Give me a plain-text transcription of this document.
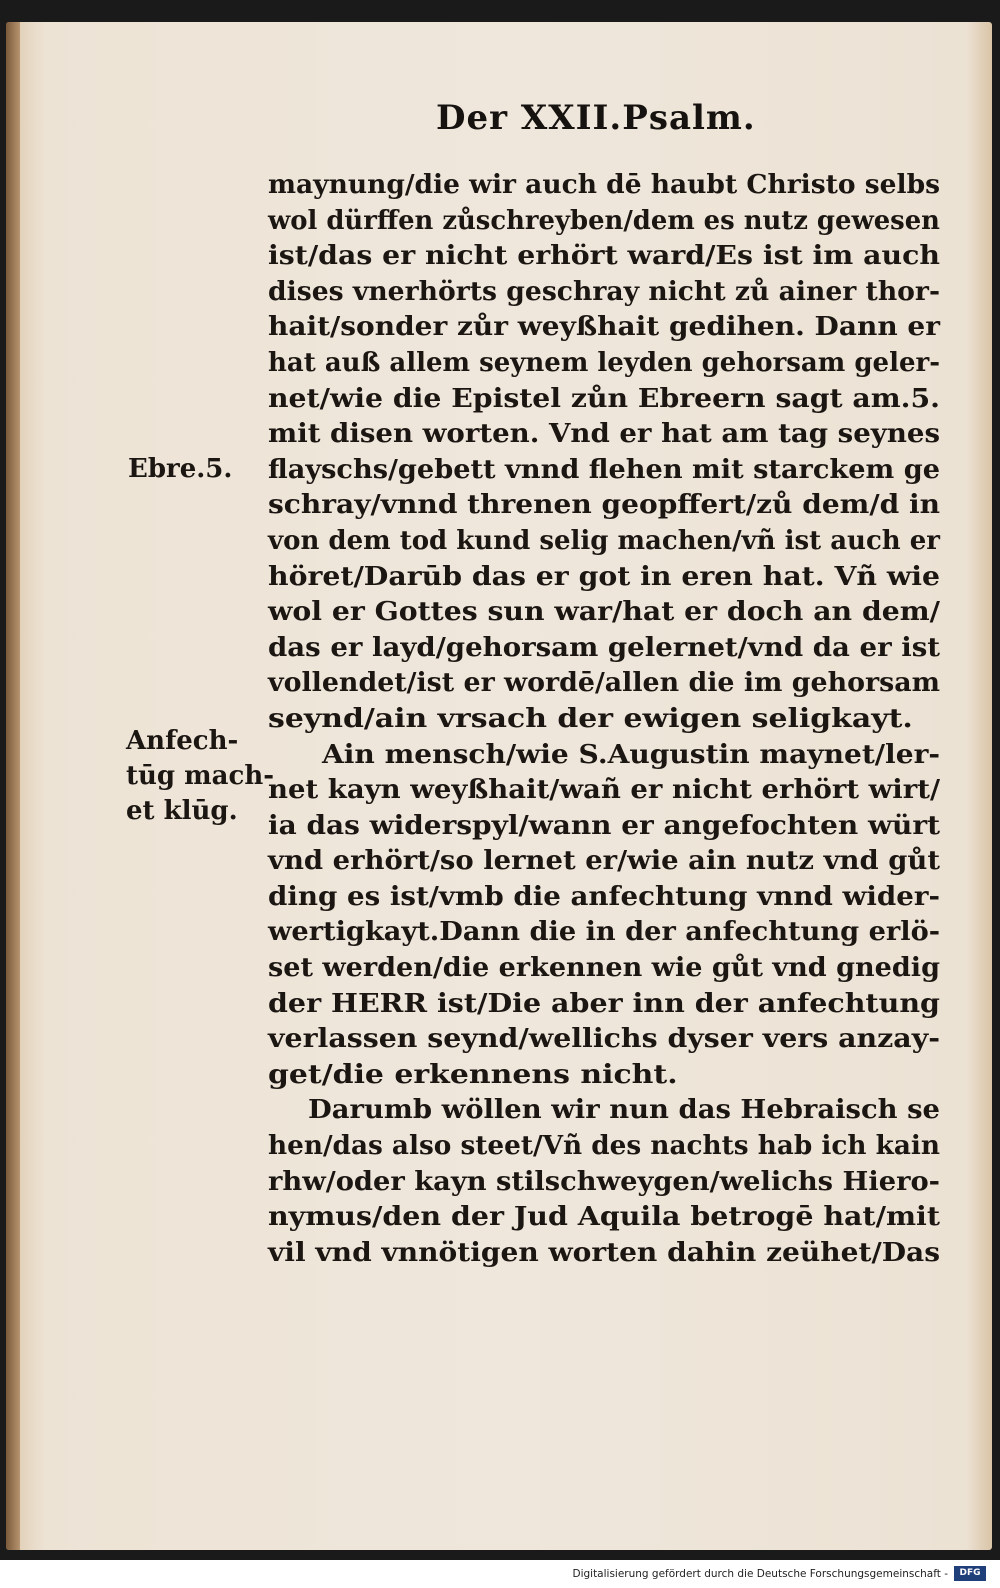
Der XXII.Psalm.
Ebre.5.
Anfech-
tūg mach-
et klūg.
maynung/die wir auch dē haubt Christo selbs
wol dürffen zůschreyben/dem es nutz gewesen
ist/das er nicht erhört ward/Es ist im auch
dises vnerhörts geschray nicht zů ainer thor-
hait/sonder zůr weyßhait gedihen. Dann er
hat auß allem seynem leyden gehorsam geler-
net/wie die Epistel zůn Ebreern sagt am.5.
mit disen worten. Vnd er hat am tag seynes
flayschs/gebett vnnd flehen mit starckem ge
schray/vnnd threnen geopffert/zů dem/d in
von dem tod kund selig machen/vñ ist auch er
höret/Darūb das er got in eren hat. Vñ wie
wol er Gottes sun war/hat er doch an dem/
das er layd/gehorsam gelernet/vnd da er ist
vollendet/ist er wordē/allen die im gehorsam
seynd/ain vrsach der ewigen seligkayt.
Ain mensch/wie S.Augustin maynet/ler-
net kayn weyßhait/wañ er nicht erhört wirt/
ia das widerspyl/wann er angefochten würt
vnd erhört/so lernet er/wie ain nutz vnd gůt
ding es ist/vmb die anfechtung vnnd wider-
wertigkayt.Dann die in der anfechtung erlö-
set werden/die erkennen wie gůt vnd gnedig
der HERR ist/Die aber inn der anfechtung
verlassen seynd/wellichs dyser vers anzay-
get/die erkennens nicht.
Darumb wöllen wir nun das Hebraisch se
hen/das also steet/Vñ des nachts hab ich kain
rhw/oder kayn stilschweygen/welichs Hiero-
nymus/den der Jud Aquila betrogē hat/mit
vil vnd vnnötigen worten dahin zeühet/Das
Digitalisierung gefördert durch die Deutsche Forschungsgemeinschaft -	DFG
